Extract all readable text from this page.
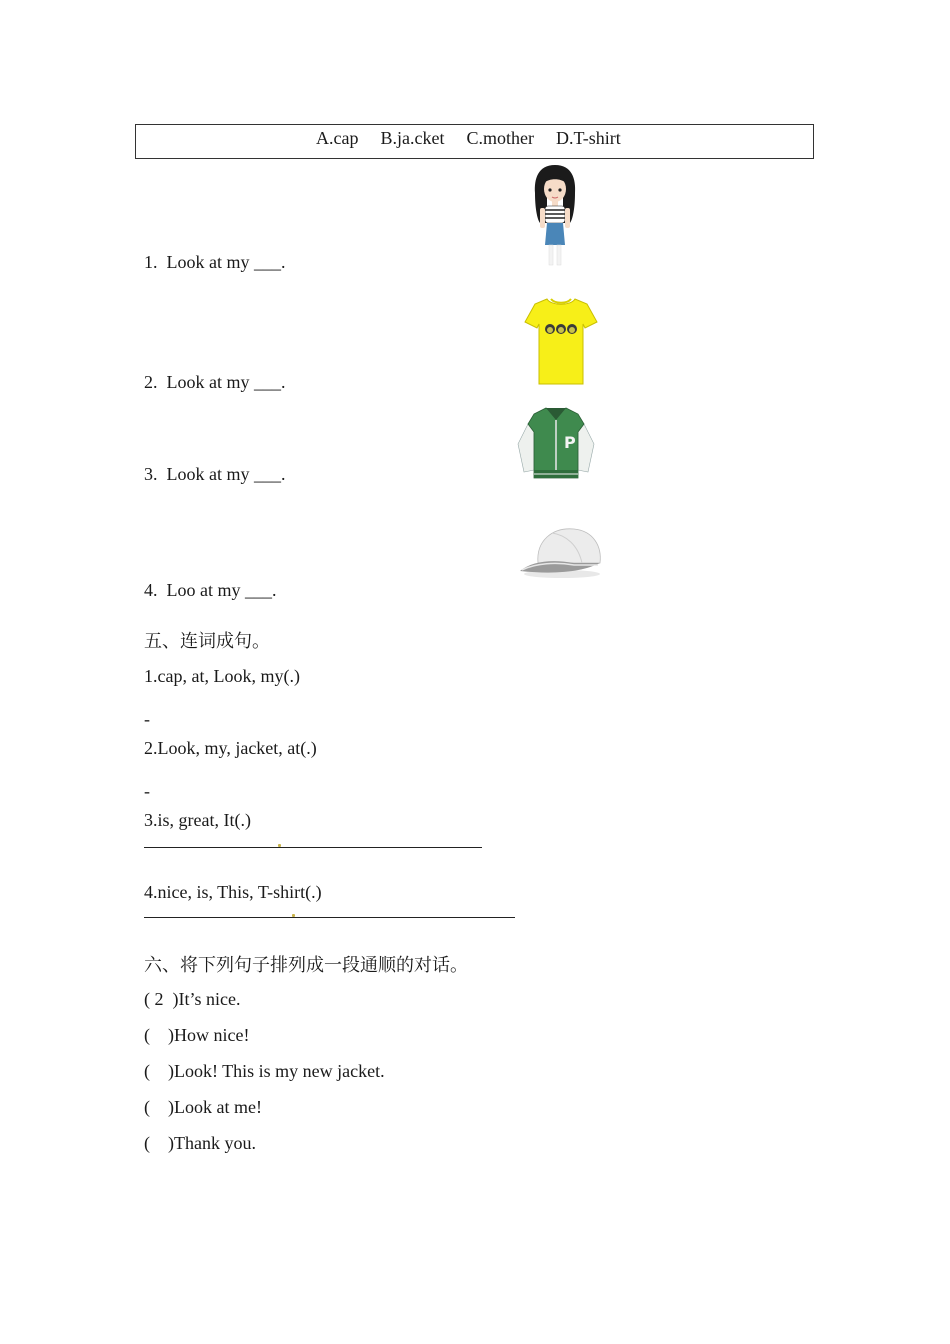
A.cap B.ja.cket C.mother D.T-shirt
1.  Look at my ___.
2.  Look at my ___.
P
3.  Look at my ___.
4.  Loo at my ___.
五、连词成句。
1.cap, at, Look, my(.)
-
2.Look, my, jacket, at(.)
-
3.is, great, It(.)
4.nice, is, This, T-shirt(.)
六、将下列句子排列成一段通顺的对话。
( 2  )It’s nice.
(    )How nice!
(    )Look! This is my new jacket.
(    )Look at me!
(    )Thank you.
